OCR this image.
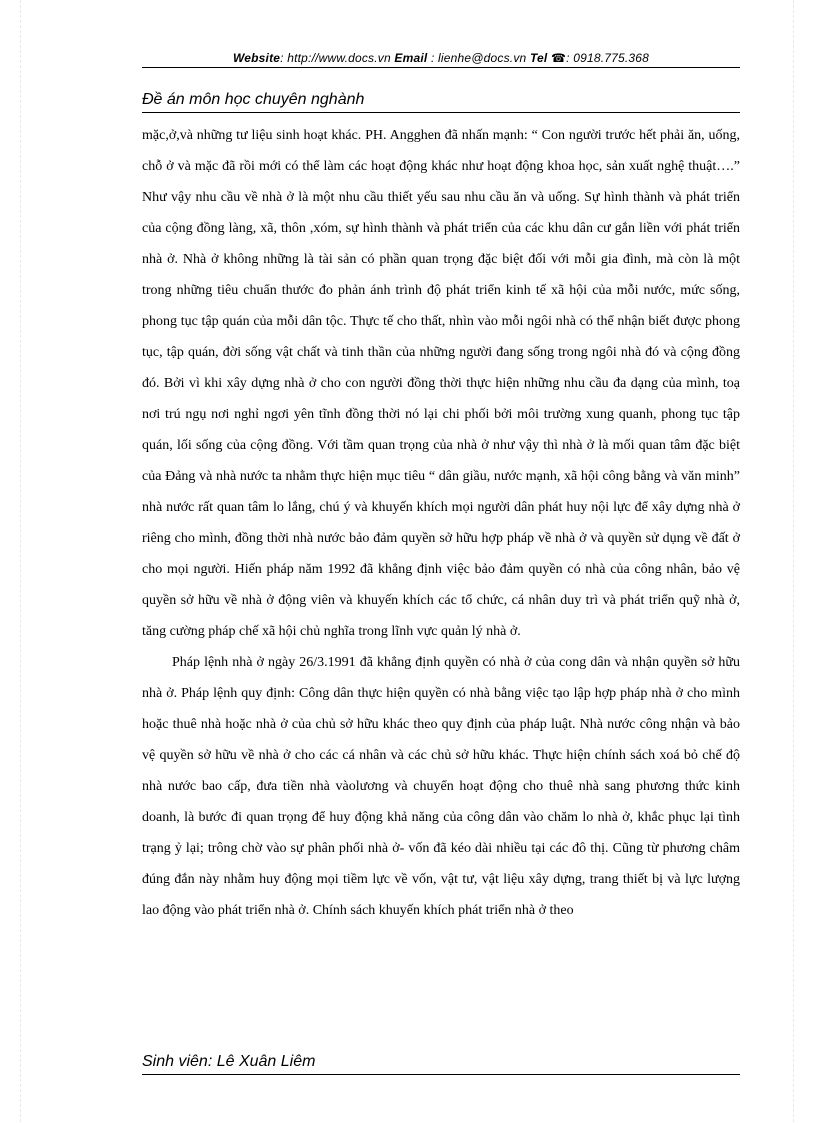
Website: http://www.docs.vn Email : lienhe@docs.vn Tel ☎: 0918.775.368
Đề án môn học chuyên nghành

mặc,ở,và những tư liệu sinh hoạt khác. PH. Angghen đã nhấn mạnh: “ Con người trước hết phải ăn, uống, chỗ ở và mặc đã rồi mới có thể làm các hoạt động khác như hoạt động khoa học, sản xuất nghệ thuật….” Như vậy nhu cầu về nhà ở là một nhu cầu thiết yếu sau nhu cầu ăn và uống. Sự hình thành và phát triển của cộng đồng làng, xã, thôn ,xóm, sự hình thành và phát triển của các khu dân cư gắn liền với phát triển nhà ở. Nhà ở không những là tài sản có phần quan trọng đặc biệt đối với mỗi gia đình, mà còn là một trong những tiêu chuẩn thước đo phản ánh trình độ phát triển kinh tế xã hội của mỗi nước, mức sống, phong tục tập quán của mỗi dân tộc. Thực tế cho thất, nhìn vào mỗi ngôi nhà có thể nhận biết được phong tục, tập quán, đời sống vật chất và tinh thần của những người đang sống trong ngôi nhà đó và cộng đồng đó. Bởi vì khi xây dựng nhà ở cho con người đồng thời thực hiện những nhu cầu đa dạng của mình, toạ nơi trú ngụ nơi nghỉ ngơi yên tĩnh đồng thời nó lại chi phối bởi môi trường xung quanh, phong tục tập quán, lối sống của cộng đồng. Với tầm quan trọng của nhà ở như vậy thì nhà ở là mối quan tâm đặc biệt của Đảng và nhà nước ta nhằm thực hiện mục tiêu “ dân giầu, nước mạnh, xã hội công bằng và văn minh” nhà nước rất quan tâm lo lắng, chú ý và khuyến khích mọi người dân phát huy nội lực để xây dựng nhà ở riêng cho mình, đồng thời nhà nước bảo đảm quyền sở hữu hợp pháp về nhà ở và quyền sử dụng về đất ở cho mọi người. Hiến pháp năm 1992 đã khẳng định việc bảo đảm quyền có nhà của công nhân, bảo vệ quyền sở hữu về nhà ở động viên và khuyến khích các tổ chức, cá nhân duy trì và phát triển quỹ nhà ở, tăng cường pháp chế xã hội chủ nghĩa trong lĩnh vực quản lý nhà ở.

Pháp lệnh nhà ở ngày 26/3.1991 đã khẳng định quyền có nhà ở của cong dân và nhận quyền sở hữu nhà ở. Pháp lệnh quy định: Công dân thực hiện quyền có nhà bằng việc tạo lập hợp pháp nhà ở cho mình hoặc thuê nhà hoặc nhà ở của chủ sở hữu khác theo quy định của pháp luật. Nhà nước công nhận và bảo vệ quyền sở hữu về nhà ở cho các cá nhân và các chủ sở hữu khác. Thực hiện chính sách xoá bỏ chế độ nhà nước bao cấp, đưa tiền nhà vàolương và chuyển hoạt động cho thuê nhà sang phương thức kinh doanh, là bước đi quan trọng để huy động khả năng của công dân vào chăm lo nhà ở, khắc phục lại tình trạng ỷ lại; trông chờ vào sự phân phối nhà ở- vốn đã kéo dài nhiều tại các đô thị. Cũng từ phương châm đúng đắn này nhằm huy động mọi tiềm lực về vốn, vật tư, vật liệu xây dựng, trang thiết bị và lực lượng lao động vào phát triển nhà ở. Chính sách khuyến khích phát triển nhà ở theo

Sinh viên: Lê Xuân Liêm
